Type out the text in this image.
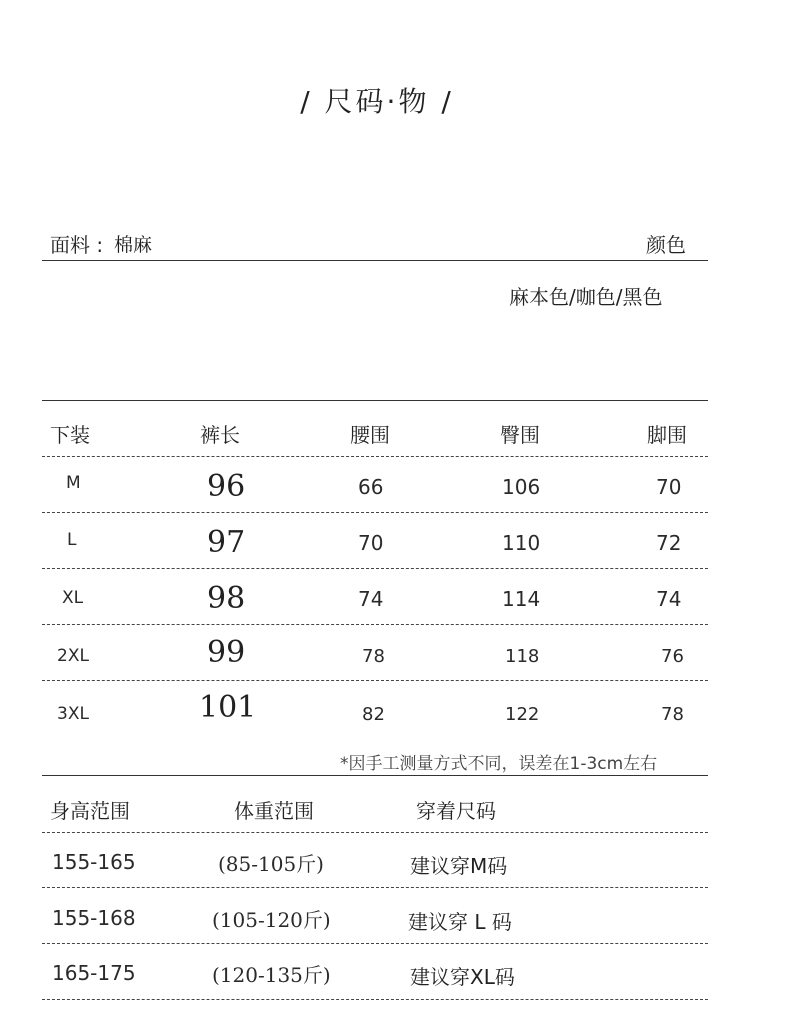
/ 尺码·物 /
面料 : 棉麻	颜色
麻本色/咖色/黑色
下装	裤长	腰围	臀围	脚围
M	96	66	106	70
L	97	70	110	72
XL	98	74	114	74
2XL	99	78	118	76
3XL	101	82	122	78
*因手工测量方式不同，误差在1-3cm左右
身高范围	体重范围	穿着尺码
155-165	(85-105斤)	建议穿M码
155-168	(105-120斤)	建议穿 L 码
165-175	(120-135斤)	建议穿XL码
